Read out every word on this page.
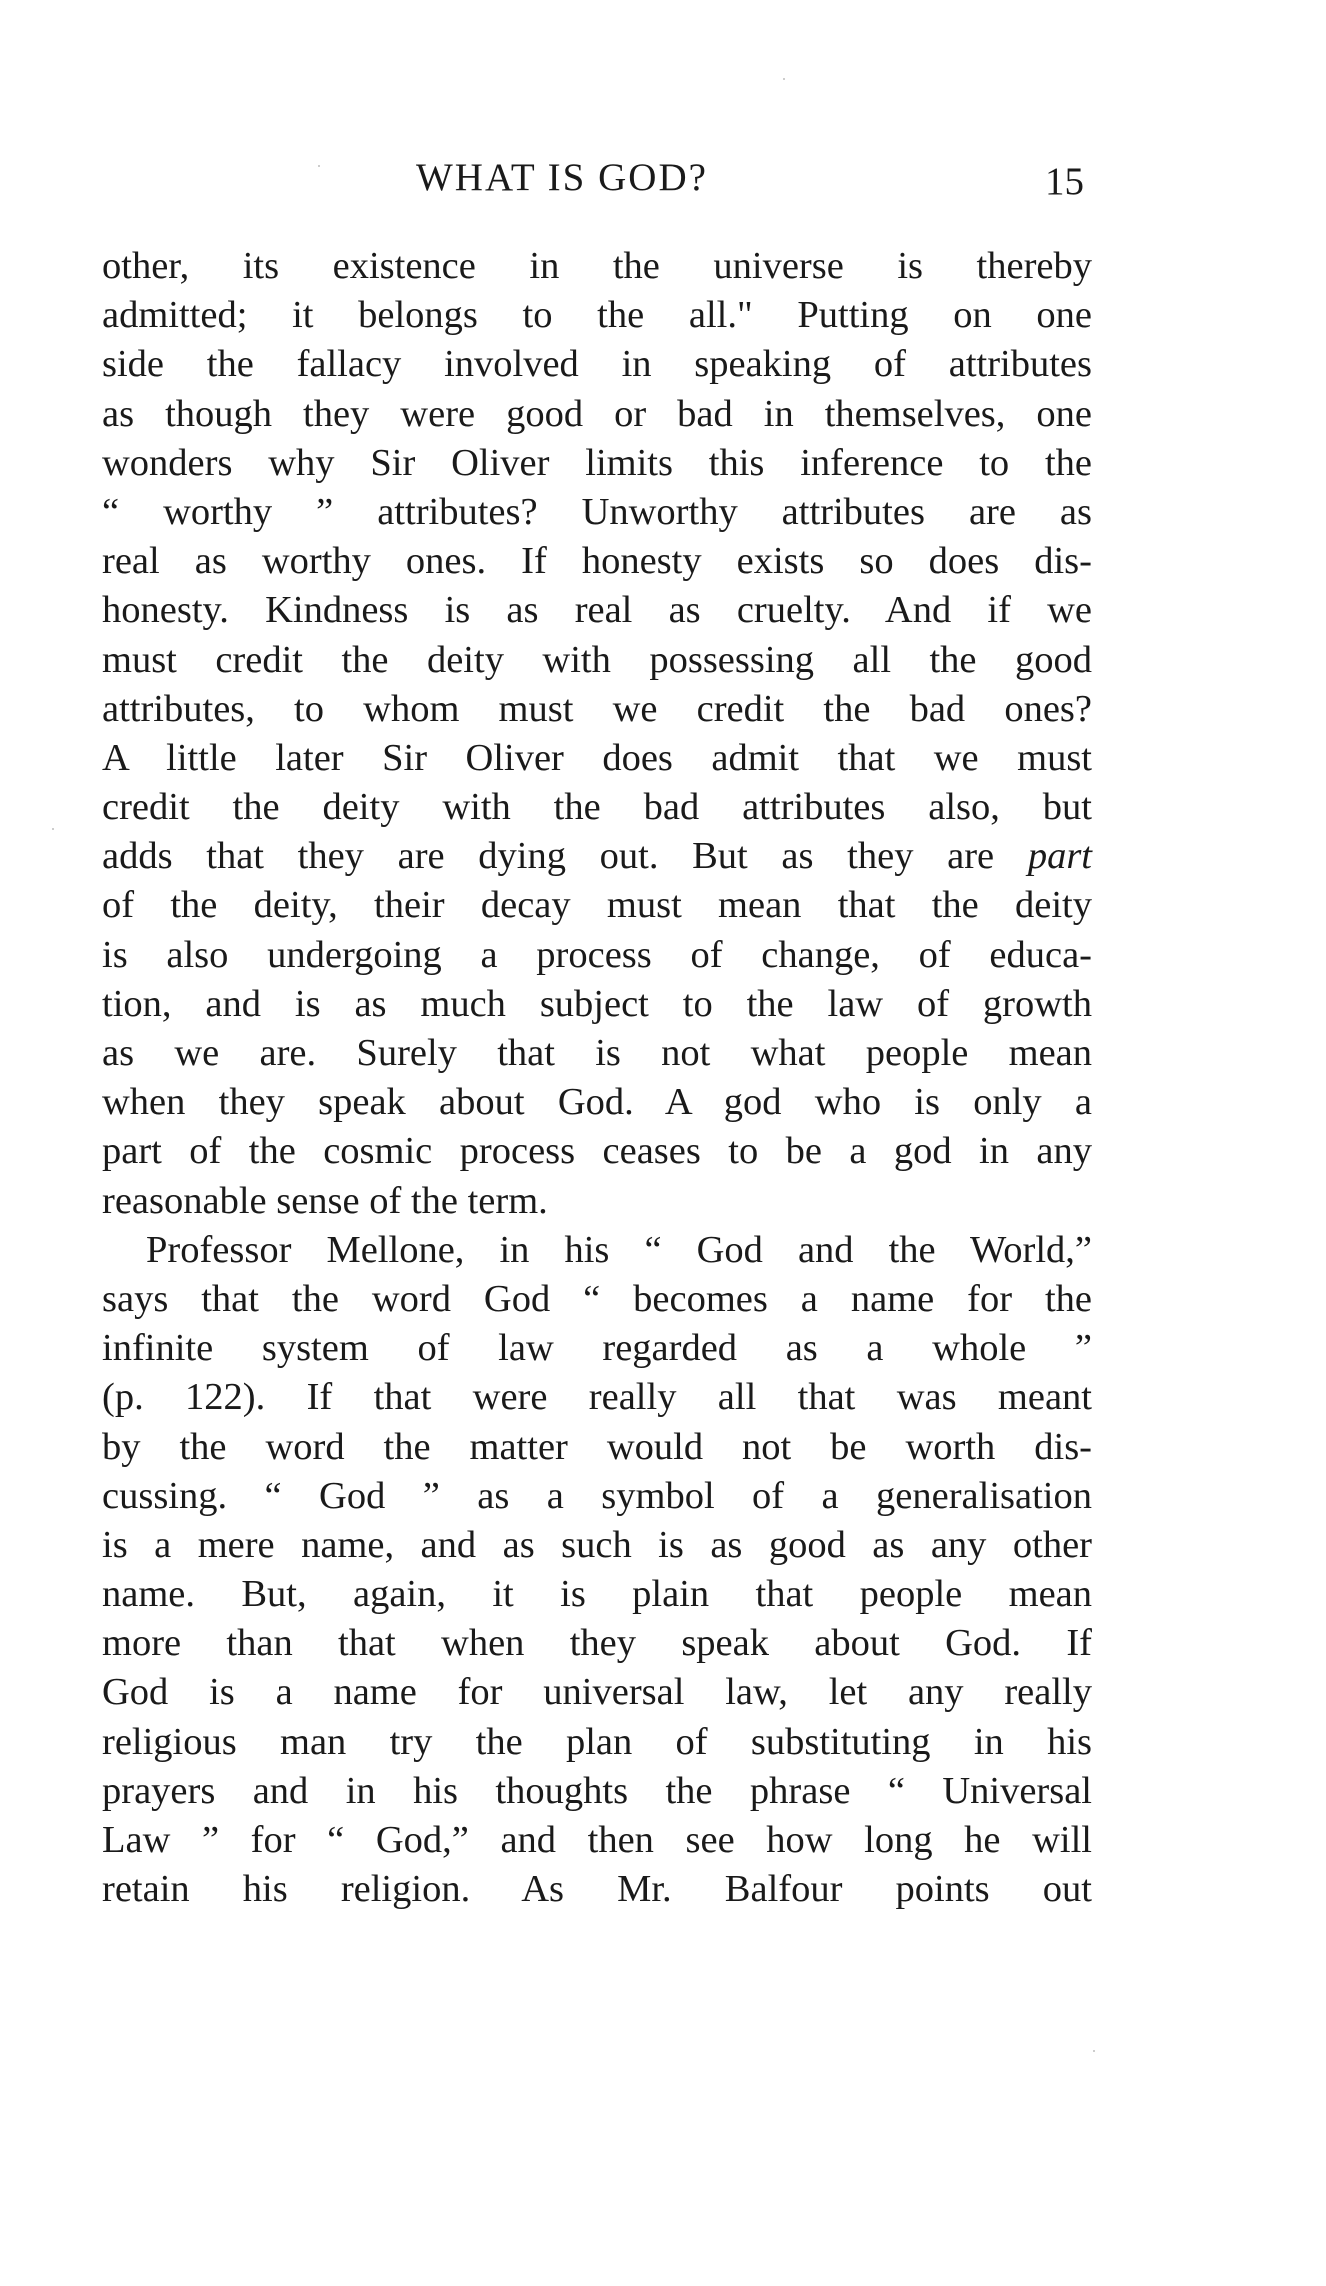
WHAT IS GOD?	15
other, its existence in the universe is thereby
admitted; it belongs to the all." Putting on one
side the fallacy involved in speaking of attributes
as though they were good or bad in themselves, one
wonders why Sir Oliver limits this inference to the
“ worthy ” attributes? Unworthy attributes are as
real as worthy ones. If honesty exists so does dis-
honesty. Kindness is as real as cruelty. And if we
must credit the deity with possessing all the good
attributes, to whom must we credit the bad ones?
A little later Sir Oliver does admit that we must
credit the deity with the bad attributes also, but
adds that they are dying out. But as they are part
of the deity, their decay must mean that the deity
is also undergoing a process of change, of educa-
tion, and is as much subject to the law of growth
as we are. Surely that is not what people mean
when they speak about God. A god who is only a
part of the cosmic process ceases to be a god in any
reasonable sense of the term.
Professor Mellone, in his “ God and the World,”
says that the word God “ becomes a name for the
infinite system of law regarded as a whole ”
(p. 122). If that were really all that was meant
by the word the matter would not be worth dis-
cussing. “ God ” as a symbol of a generalisation
is a mere name, and as such is as good as any other
name. But, again, it is plain that people mean
more than that when they speak about God. If
God is a name for universal law, let any really
religious man try the plan of substituting in his
prayers and in his thoughts the phrase “ Universal
Law ” for “ God,” and then see how long he will
retain his religion. As Mr. Balfour points out
